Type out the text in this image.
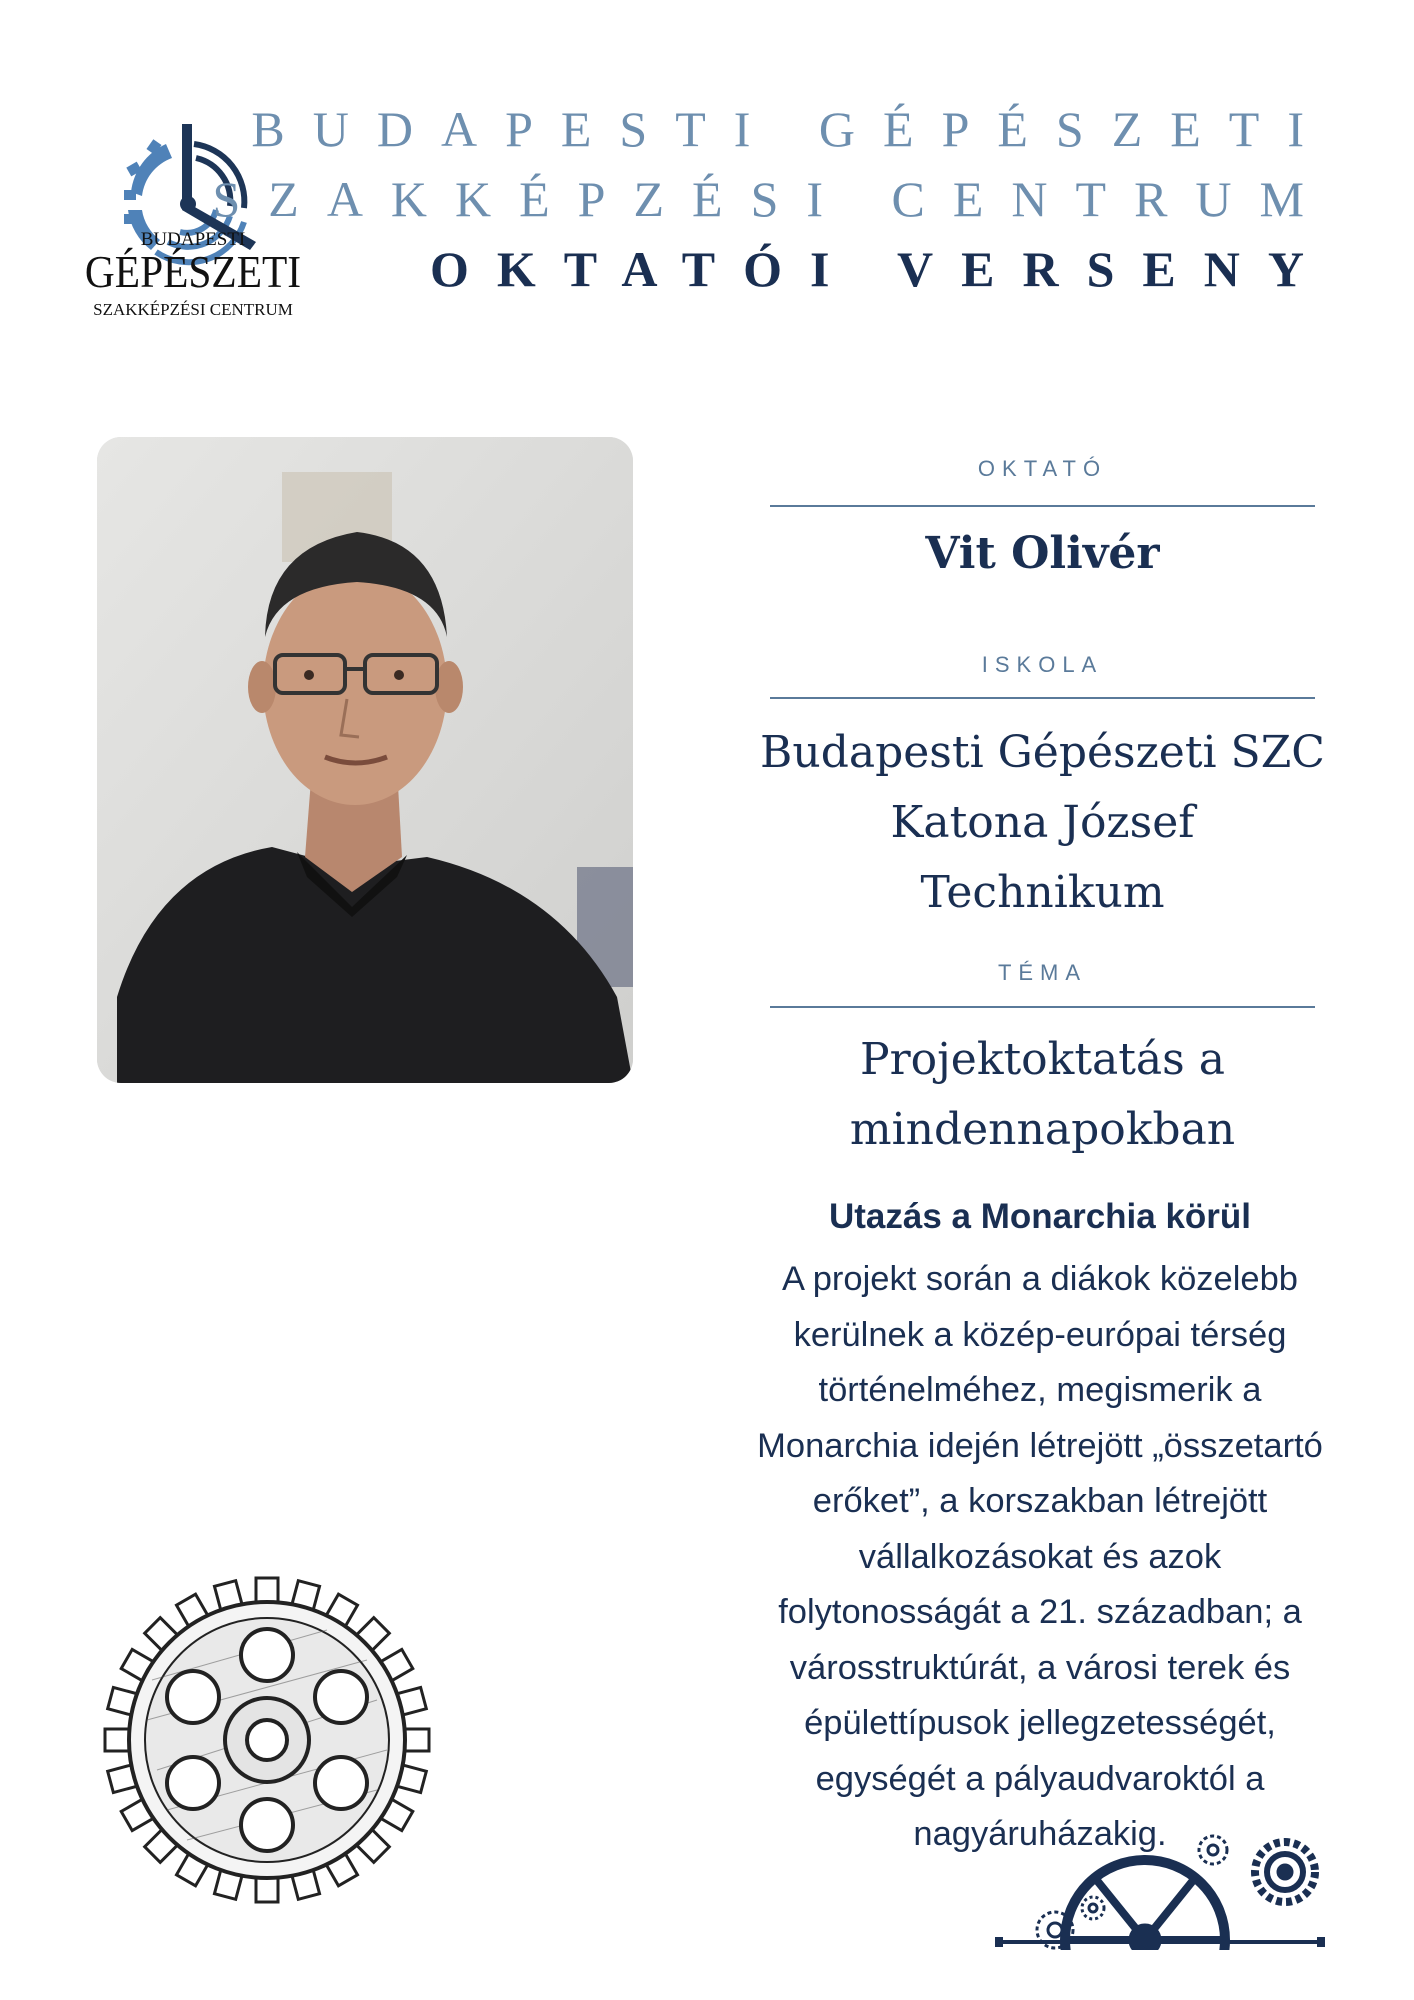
BUDAPESTI
GÉPÉSZETI
SZAKKÉPZÉSI CENTRUM
BUDAPESTI GÉPÉSZETI
SZAKKÉPZÉSI CENTRUM
OKTATÓI VERSENY
OKTATÓ
Vit Olivér
ISKOLA
Budapesti Gépészeti SZC
Katona József
Technikum
TÉMA
Projektoktatás a
mindennapokban
Utazás a Monarchia körül
A projekt során a diákok közelebb
kerülnek a közép-európai térség
történelméhez, megismerik a
Monarchia idején létrejött „összetartó
erőket”, a korszakban létrejött
vállalkozásokat és azok
folytonosságát a 21. században; a
városstruktúrát, a városi terek és
épülettípusok jellegzetességét,
egységét a pályaudvaroktól a
nagyáruházakig.
